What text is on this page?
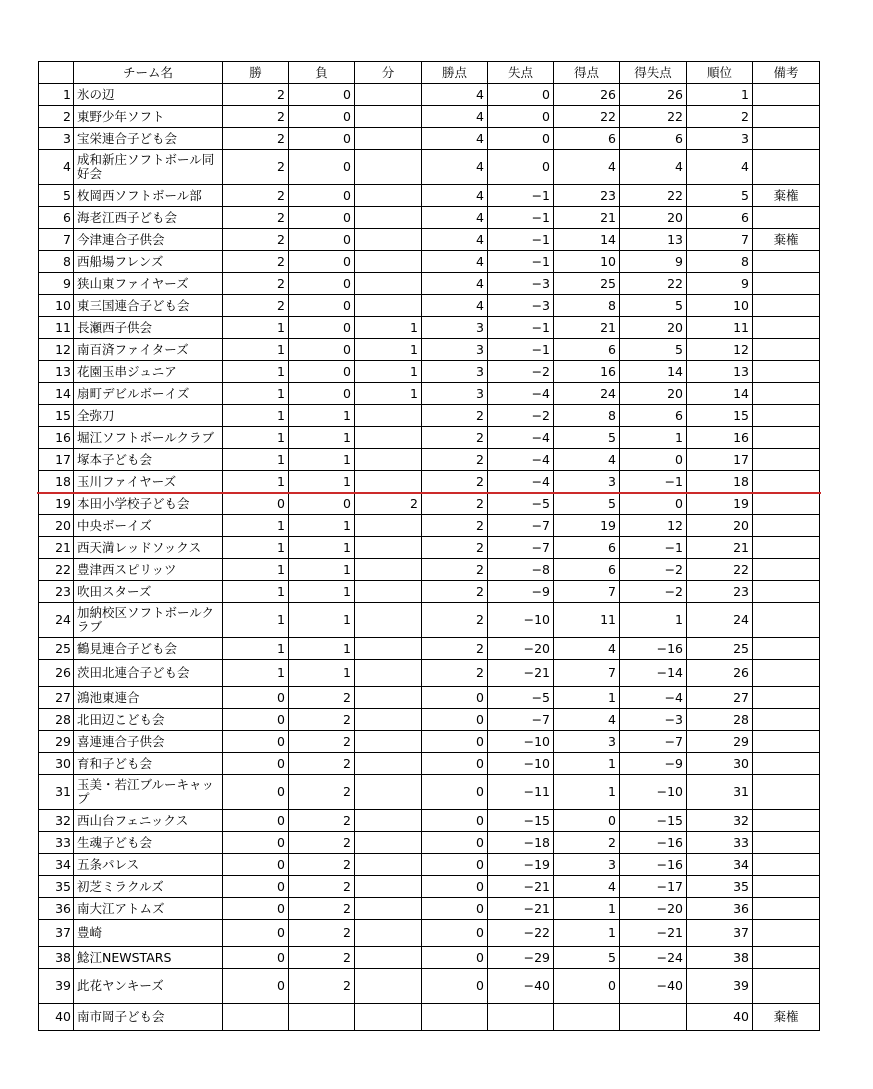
	チーム名	勝	負	分	勝点	失点	得点	得失点	順位	備考
1	氷の辺	2	0		4	0	26	26	1	
2	東野少年ソフト	2	0		4	0	22	22	2	
3	宝栄連合子ども会	2	0		4	0	6	6	3	
4	成和新庄ソフトボール同好会	2	0		4	0	4	4	4	
5	枚岡西ソフトボール部	2	0		4	−1	23	22	5	棄権
6	海老江西子ども会	2	0		4	−1	21	20	6	
7	今津連合子供会	2	0		4	−1	14	13	7	棄権
8	西船場フレンズ	2	0		4	−1	10	9	8	
9	狭山東ファイヤーズ	2	0		4	−3	25	22	9	
10	東三国連合子ども会	2	0		4	−3	8	5	10	
11	長瀬西子供会	1	0	1	3	−1	21	20	11	
12	南百済ファイターズ	1	0	1	3	−1	6	5	12	
13	花園玉串ジュニア	1	0	1	3	−2	16	14	13	
14	扇町デビルボーイズ	1	0	1	3	−4	24	20	14	
15	全弥刀	1	1		2	−2	8	6	15	
16	堀江ソフトボールクラブ	1	1		2	−4	5	1	16	
17	塚本子ども会	1	1		2	−4	4	0	17	
18	玉川ファイヤーズ	1	1		2	−4	3	−1	18	
19	本田小学校子ども会	0	0	2	2	−5	5	0	19	
20	中央ボーイズ	1	1		2	−7	19	12	20	
21	西天満レッドソックス	1	1		2	−7	6	−1	21	
22	豊津西スピリッツ	1	1		2	−8	6	−2	22	
23	吹田スターズ	1	1		2	−9	7	−2	23	
24	加納校区ソフトボールクラブ	1	1		2	−10	11	1	24	
25	鶴見連合子ども会	1	1		2	−20	4	−16	25	
26	茨田北連合子ども会	1	1		2	−21	7	−14	26	
27	鴻池東連合	0	2		0	−5	1	−4	27	
28	北田辺こども会	0	2		0	−7	4	−3	28	
29	喜連連合子供会	0	2		0	−10	3	−7	29	
30	育和子ども会	0	2		0	−10	1	−9	30	
31	玉美・若江ブルーキャップ	0	2		0	−11	1	−10	31	
32	西山台フェニックス	0	2		0	−15	0	−15	32	
33	生魂子ども会	0	2		0	−18	2	−16	33	
34	五条パレス	0	2		0	−19	3	−16	34	
35	初芝ミラクルズ	0	2		0	−21	4	−17	35	
36	南大江アトムズ	0	2		0	−21	1	−20	36	
37	豊崎	0	2		0	−22	1	−21	37	
38	鯰江NEWSTARS	0	2		0	−29	5	−24	38	
39	此花ヤンキーズ	0	2		0	−40	0	−40	39	
40	南市岡子ども会								40	棄権
